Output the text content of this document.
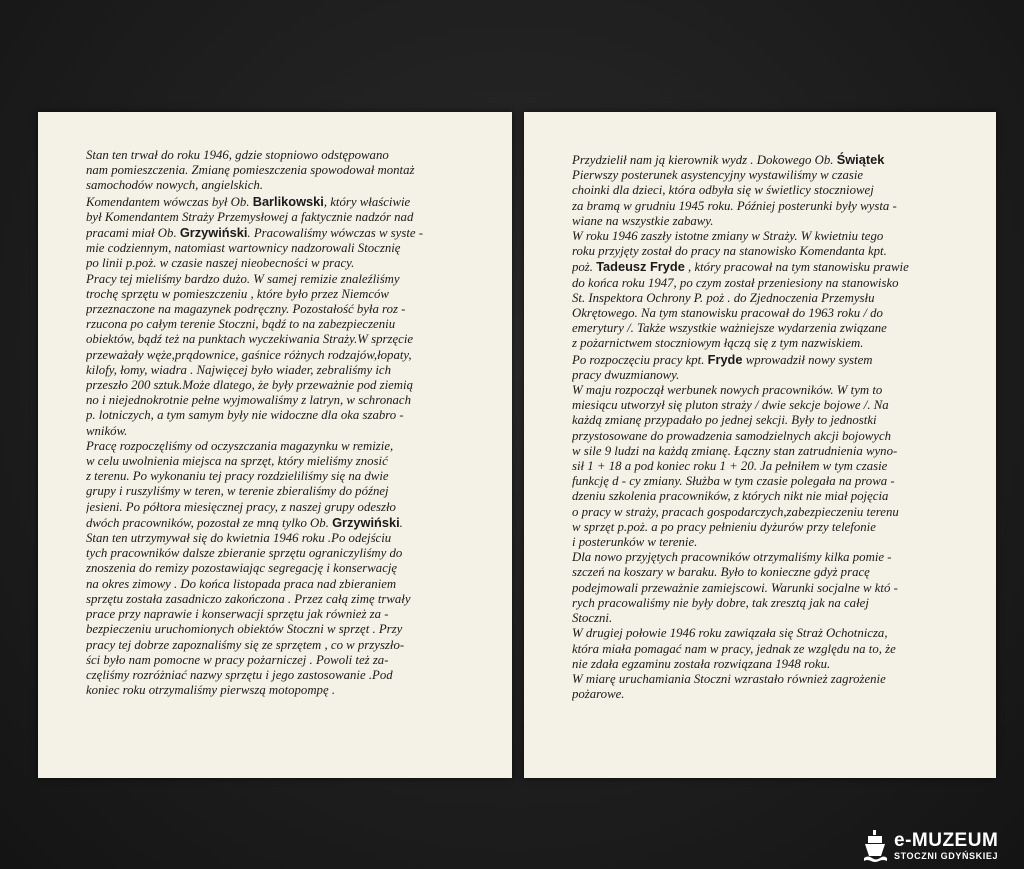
Stan ten trwał do roku 1946, gdzie stopniowo odstępowano
nam pomieszczenia. Zmianę pomieszczenia spowodował montaż
samochodów nowych, angielskich.
Komendantem wówczas był Ob. Barlikowski, który właściwie
był Komendantem Straży Przemysłowej a faktycznie nadzór nad
pracami miał Ob. Grzywiński. Pracowaliśmy wówczas w syste -
mie codziennym, natomiast wartownicy nadzorowali Stocznię
po linii p.poż. w czasie naszej nieobecności w pracy.
Pracy tej mieliśmy bardzo dużo. W samej remizie znaleźliśmy
trochę sprzętu w pomieszczeniu , które było przez Niemców
przeznaczone na magazynek podręczny. Pozostałość była roz -
rzucona po całym terenie Stoczni, bądź to na zabezpieczeniu
obiektów, bądź też na punktach wyczekiwania Straży.W sprzęcie
przeważały węże,prądownice, gaśnice różnych rodzajów,łopaty,
kilofy, łomy, wiadra . Najwięcej było wiader, zebraliśmy ich
przeszło 200 sztuk.Może dlatego, że były przeważnie pod ziemią
no i niejednokrotnie pełne wyjmowaliśmy z latryn, w schronach
p. lotniczych, a tym samym były nie widoczne dla oka szabro -
wników.
Pracę rozpoczęliśmy od oczyszczania magazynku w remizie,
w celu uwolnienia miejsca na sprzęt, który mieliśmy znosić
z terenu. Po wykonaniu tej pracy rozdzieliliśmy się na dwie
grupy i ruszyliśmy w teren, w terenie zbieraliśmy do późnej
jesieni. Po półtora miesięcznej pracy, z naszej grupy odeszło
dwóch pracowników, pozostał ze mną tylko Ob. Grzywiński.
Stan ten utrzymywał się do kwietnia 1946 roku .Po odejściu
tych pracowników dalsze zbieranie sprzętu ograniczyliśmy do
znoszenia do remizy pozostawiając segregację i konserwację
na okres zimowy . Do końca listopada praca nad zbieraniem
sprzętu została zasadniczo zakończona . Przez całą zimę trwały
prace przy naprawie i konserwacji sprzętu jak również za -
bezpieczeniu uruchomionych obiektów Stoczni w sprzęt . Przy
pracy tej dobrze zapoznaliśmy się ze sprzętem , co w przyszło-
ści było nam pomocne w pracy pożarniczej . Powoli też za-
częliśmy rozróżniać nazwy sprzętu i jego zastosowanie .Pod
koniec roku otrzymaliśmy pierwszą motopompę .
Przydzielił nam ją kierownik wydz . Dokowego Ob. Świątek
Pierwszy posterunek asystencyjny wystawiliśmy w czasie
choinki dla dzieci, która odbyła się w świetlicy stoczniowej
za bramą w grudniu 1945 roku. Później posterunki były wysta -
wiane na wszystkie zabawy.
W roku 1946 zaszły istotne zmiany w Straży. W kwietniu tego
roku przyjęty został do pracy na stanowisko Komendanta kpt.
poż. Tadeusz Fryde , który pracował na tym stanowisku prawie
do końca roku 1947, po czym został przeniesiony na stanowisko
St. Inspektora Ochrony P. poż . do Zjednoczenia Przemysłu
Okrętowego. Na tym stanowisku pracował do 1963 roku / do
emerytury /. Także wszystkie ważniejsze wydarzenia związane
z pożarnictwem stoczniowym łączą się z tym nazwiskiem.
Po rozpoczęciu pracy kpt. Fryde wprowadził nowy system
pracy dwuzmianowy.
W maju rozpoczął werbunek nowych pracowników. W tym to
miesiącu utworzył się pluton straży / dwie sekcje bojowe /. Na
każdą zmianę przypadało po jednej sekcji. Były to jednostki
przystosowane do prowadzenia samodzielnych akcji bojowych
w sile 9 ludzi na każdą zmianę. Łączny stan zatrudnienia wyno-
sił 1 + 18 a pod koniec roku 1 + 20. Ja pełniłem w tym czasie
funkcję d - cy zmiany. Służba w tym czasie polegała na prowa -
dzeniu szkolenia pracowników, z których nikt nie miał pojęcia
o pracy w straży, pracach gospodarczych,zabezpieczeniu terenu
w sprzęt p.poż. a po pracy pełnieniu dyżurów przy telefonie
i posterunków w terenie.
Dla nowo przyjętych pracowników otrzymaliśmy kilka pomie -
szczeń na koszary w baraku. Było to konieczne gdyż pracę
podejmowali przeważnie zamiejscowi. Warunki socjalne w któ -
rych pracowaliśmy nie były dobre, tak zresztą jak na całej
Stoczni.
W drugiej połowie 1946 roku zawiązała się Straż Ochotnicza,
która miała pomagać nam w pracy, jednak ze względu na to, że
nie zdała egzaminu została rozwiązana 1948 roku.
W miarę uruchamiania Stoczni wzrastało również zagrożenie
pożarowe.
e-MUZEUM
STOCZNI GDYŃSKIEJ
